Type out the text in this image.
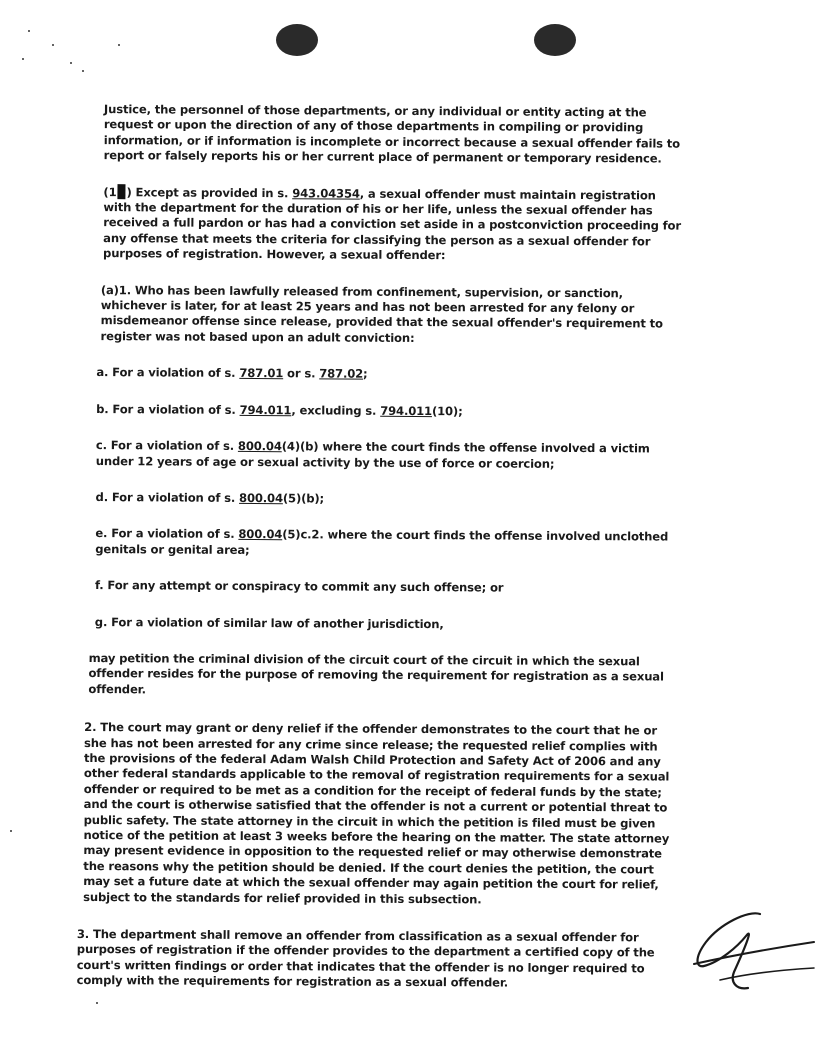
Justice, the personnel of those departments, or any individual or entity acting at the request or upon the direction of any of those departments in compiling or providing information, or if information is incomplete or incorrect because a sexual offender fails to report or falsely reports his or her current place of permanent or temporary residence.

(1 ) Except as provided in s. 943.04354, a sexual offender must maintain registration with the department for the duration of his or her life, unless the sexual offender has received a full pardon or has had a conviction set aside in a postconviction proceeding for any offense that meets the criteria for classifying the person as a sexual offender for purposes of registration. However, a sexual offender:

(a)1. Who has been lawfully released from confinement, supervision, or sanction, whichever is later, for at least 25 years and has not been arrested for any felony or misdemeanor offense since release, provided that the sexual offender's requirement to register was not based upon an adult conviction:

a. For a violation of s. 787.01 or s. 787.02;

b. For a violation of s. 794.011, excluding s. 794.011(10);

c. For a violation of s. 800.04(4)(b) where the court finds the offense involved a victim under 12 years of age or sexual activity by the use of force or coercion;

d. For a violation of s. 800.04(5)(b);

e. For a violation of s. 800.04(5)c.2. where the court finds the offense involved unclothed genitals or genital area;

f. For any attempt or conspiracy to commit any such offense; or

g. For a violation of similar law of another jurisdiction,

may petition the criminal division of the circuit court of the circuit in which the sexual offender resides for the purpose of removing the requirement for registration as a sexual offender.

2. The court may grant or deny relief if the offender demonstrates to the court that he or she has not been arrested for any crime since release; the requested relief complies with the provisions of the federal Adam Walsh Child Protection and Safety Act of 2006 and any other federal standards applicable to the removal of registration requirements for a sexual offender or required to be met as a condition for the receipt of federal funds by the state; and the court is otherwise satisfied that the offender is not a current or potential threat to public safety. The state attorney in the circuit in which the petition is filed must be given notice of the petition at least 3 weeks before the hearing on the matter. The state attorney may present evidence in opposition to the requested relief or may otherwise demonstrate the reasons why the petition should be denied. If the court denies the petition, the court may set a future date at which the sexual offender may again petition the court for relief, subject to the standards for relief provided in this subsection.

3. The department shall remove an offender from classification as a sexual offender for purposes of registration if the offender provides to the department a certified copy of the court's written findings or order that indicates that the offender is no longer required to comply with the requirements for registration as a sexual offender.
